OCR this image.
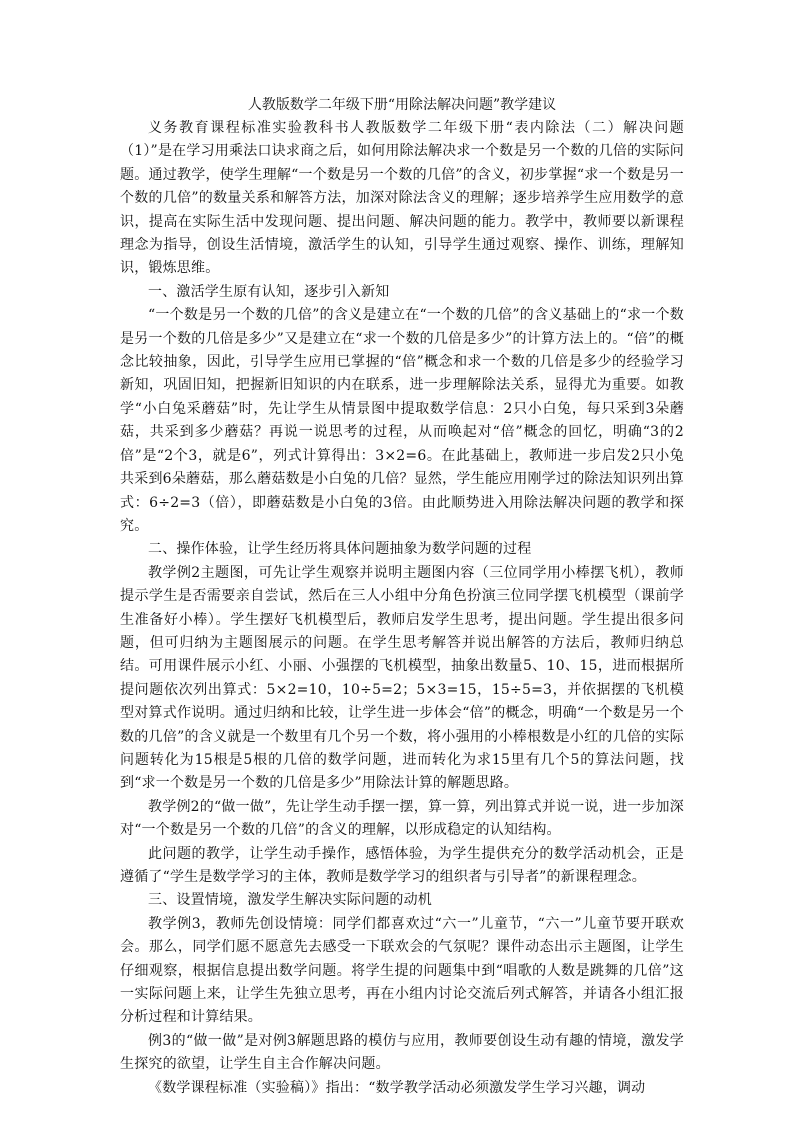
人教版数学二年级下册“用除法解决问题”教学建议

义务教育课程标准实验教科书人教版数学二年级下册“表内除法（二）解决问题（1）”是在学习用乘法口诀求商之后，如何用除法解决求一个数是另一个数的几倍的实际问题。通过教学，使学生理解“一个数是另一个数的几倍”的含义，初步掌握“求一个数是另一个数的几倍”的数量关系和解答方法，加深对除法含义的理解；逐步培养学生应用数学的意识，提高在实际生活中发现问题、提出问题、解决问题的能力。教学中，教师要以新课程理念为指导，创设生活情境，激活学生的认知，引导学生通过观察、操作、训练，理解知识，锻炼思维。

一、激活学生原有认知，逐步引入新知

“一个数是另一个数的几倍”的含义是建立在“一个数的几倍”的含义基础上的“求一个数是另一个数的几倍是多少”又是建立在“求一个数的几倍是多少”的计算方法上的。“倍”的概念比较抽象，因此，引导学生应用已掌握的“倍”概念和求一个数的几倍是多少的经验学习新知，巩固旧知，把握新旧知识的内在联系，进一步理解除法关系，显得尤为重要。如教学“小白兔采蘑菇”时，先让学生从情景图中提取数学信息：2只小白兔，每只采到3朵蘑菇，共采到多少蘑菇？再说一说思考的过程，从而唤起对“倍”概念的回忆，明确“3的2倍”是“2个3，就是6”，列式计算得出：3×2=6。在此基础上，教师进一步启发2只小兔共采到6朵蘑菇，那么蘑菇数是小白兔的几倍？显然，学生能应用刚学过的除法知识列出算式：6÷2=3（倍），即蘑菇数是小白兔的3倍。由此顺势进入用除法解决问题的教学和探究。

二、操作体验，让学生经历将具体问题抽象为数学问题的过程

教学例2主题图，可先让学生观察并说明主题图内容（三位同学用小棒摆飞机），教师提示学生是否需要亲自尝试，然后在三人小组中分角色扮演三位同学摆飞机模型（课前学生准备好小棒）。学生摆好飞机模型后，教师启发学生思考，提出问题。学生提出很多问题，但可归纳为主题图展示的问题。在学生思考解答并说出解答的方法后，教师归纳总结。可用课件展示小红、小丽、小强摆的飞机模型，抽象出数量5、10、15，进而根据所提问题依次列出算式：5×2=10，10÷5=2；5×3=15，15÷5=3，并依据摆的飞机模型对算式作说明。通过归纳和比较，让学生进一步体会“倍”的概念，明确“一个数是另一个数的几倍”的含义就是一个数里有几个另一个数，将小强用的小棒根数是小红的几倍的实际问题转化为15根是5根的几倍的数学问题，进而转化为求15里有几个5的算法问题，找到“求一个数是另一个数的几倍是多少”用除法计算的解题思路。

教学例2的“做一做”，先让学生动手摆一摆，算一算，列出算式并说一说，进一步加深对“一个数是另一个数的几倍”的含义的理解，以形成稳定的认知结构。

此问题的教学，让学生动手操作，感悟体验，为学生提供充分的数学活动机会，正是遵循了“学生是数学学习的主体，教师是数学学习的组织者与引导者”的新课程理念。

三、设置情境，激发学生解决实际问题的动机

教学例3，教师先创设情境：同学们都喜欢过“六一”儿童节，“六一”儿童节要开联欢会。那么，同学们愿不愿意先去感受一下联欢会的气氛呢？课件动态出示主题图，让学生仔细观察，根据信息提出数学问题。将学生提的问题集中到“唱歌的人数是跳舞的几倍”这一实际问题上来，让学生先独立思考，再在小组内讨论交流后列式解答，并请各小组汇报分析过程和计算结果。

例3的“做一做”是对例3解题思路的模仿与应用，教师要创设生动有趣的情境，激发学生探究的欲望，让学生自主合作解决问题。

《数学课程标准（实验稿）》指出：“数学教学活动必须激发学生学习兴趣，调动
